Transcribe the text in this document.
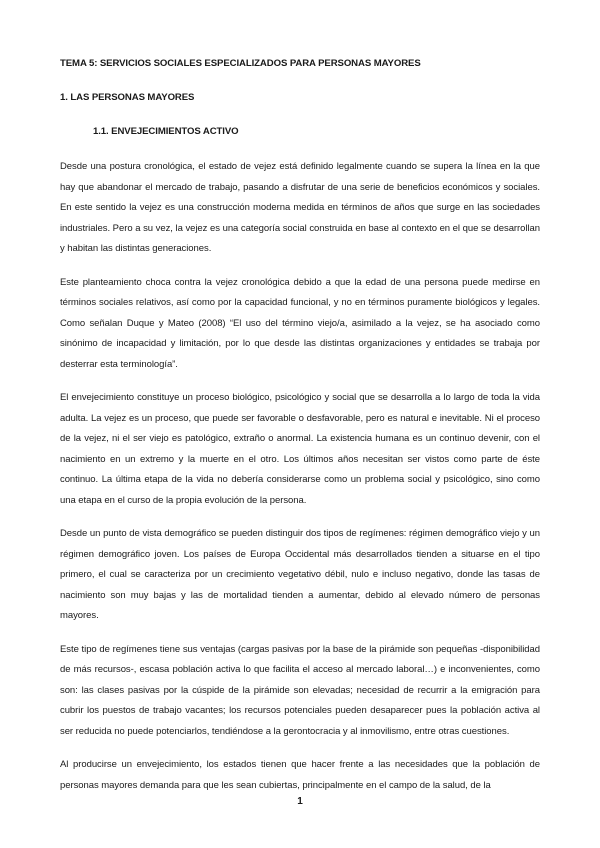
TEMA 5: SERVICIOS SOCIALES ESPECIALIZADOS PARA PERSONAS MAYORES
1. LAS PERSONAS MAYORES
1.1. ENVEJECIMIENTOS ACTIVO

Desde una postura cronológica, el estado de vejez está definido legalmente cuando se supera la línea en la que hay que abandonar el mercado de trabajo, pasando a disfrutar de una serie de beneficios económicos y sociales. En este sentido la vejez es una construcción moderna medida en términos de años que surge en las sociedades industriales. Pero a su vez, la vejez es una categoría social construida en base al contexto en el que se desarrollan y habitan las distintas generaciones.

Este planteamiento choca contra la vejez cronológica debido a que la edad de una persona puede medirse en términos sociales relativos, así como por la capacidad funcional, y no en términos puramente biológicos y legales. Como señalan Duque y Mateo (2008) “El uso del término viejo/a, asimilado a la vejez, se ha asociado como sinónimo de incapacidad y limitación, por lo que desde las distintas organizaciones y entidades se trabaja por desterrar esta terminología”.

El envejecimiento constituye un proceso biológico, psicológico y social que se desarrolla a lo largo de toda la vida adulta. La vejez es un proceso, que puede ser favorable o desfavorable, pero es natural e inevitable. Ni el proceso de la vejez, ni el ser viejo es patológico, extraño o anormal. La existencia humana es un continuo devenir, con el nacimiento en un extremo y la muerte en el otro. Los últimos años necesitan ser vistos como parte de éste continuo. La última etapa de la vida no debería considerarse como un problema social y psicológico, sino como una etapa en el curso de la propia evolución de la persona.

Desde un punto de vista demográfico se pueden distinguir dos tipos de regímenes: régimen demográfico viejo y un régimen demográfico joven. Los países de Europa Occidental más desarrollados tienden a situarse en el tipo primero, el cual se caracteriza por un crecimiento vegetativo débil, nulo e incluso negativo, donde las tasas de nacimiento son muy bajas y las de mortalidad tienden a aumentar, debido al elevado número de personas mayores.

Este tipo de regímenes tiene sus ventajas (cargas pasivas por la base de la pirámide son pequeñas -disponibilidad de más recursos-, escasa población activa lo que facilita el acceso al mercado laboral…) e inconvenientes, como son: las clases pasivas por la cúspide de la pirámide son elevadas; necesidad de recurrir a la emigración para cubrir los puestos de trabajo vacantes; los recursos potenciales pueden desaparecer pues la población activa al ser reducida no puede potenciarlos, tendiéndose a la gerontocracia y al inmovilismo, entre otras cuestiones.

Al producirse un envejecimiento, los estados tienen que hacer frente a las necesidades que la población de personas mayores demanda para que les sean cubiertas, principalmente en el campo de la salud, de la

1
